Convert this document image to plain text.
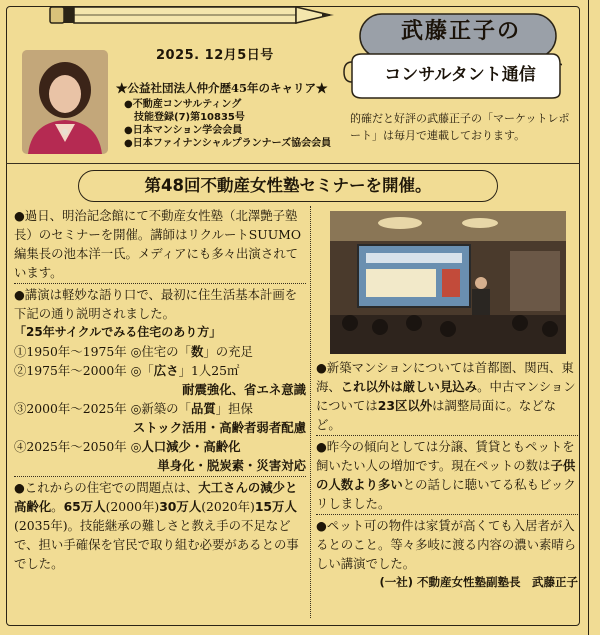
2025. 12月5日号
★公益社団法人仲介歴45年のキャリア★
●不動産コンサルティング
　技能登録(7)第10835号
●日本マンション学会会員
●日本ファイナンシャルプランナーズ協会会員
武藤正子の
コンサルタント通信
的確だと好評の武藤正子の「マーケットレポート」は毎月で連載しております。
第48回不動産女性塾セミナーを開催。

●過日、明治記念館にて不動産女性塾（北澤艶子塾長）のセミナーを開催。講師はリクルートSUUMO編集長の池本洋一氏。メディアにも多々出演されています。

●講演は軽妙な語り口で、最初に住生活基本計画を下記の通り説明されました。

「25年サイクルでみる住宅のあり方」

①1950年～1975年 ◎住宅の「数」の充足

②1975年～2000年 ◎「広さ」1人25㎡

耐震強化、省エネ意識

③2000年～2025年 ◎新築の「品質」担保

ストック活用・高齢者弱者配慮

④2025年～2050年 ◎人口減少・高齢化

単身化・脱炭素・災害対応

●これからの住宅での問題点は、大工さんの減少と高齢化。65万人(2000年)30万人(2020年)15万人(2035年)。技能継承の難しさと教え手の不足などで、担い手確保を官民で取り組む必要があるとの事でした。

●新築マンションについては首都圏、関西、東海、これ以外は厳しい見込み。中古マンションについては23区以外は調整局面に。などなど。

●昨今の傾向としては分譲、賃貸ともペットを飼いたい人の増加です。現在ペットの数は子供の人数より多いとの話しに聴いてる私もビックリしました。

●ペット可の物件は家賃が高くても入居者が入るとのこと。等々多岐に渡る内容の濃い素晴らしい講演でした。

(一社) 不動産女性塾副塾長　武藤正子
